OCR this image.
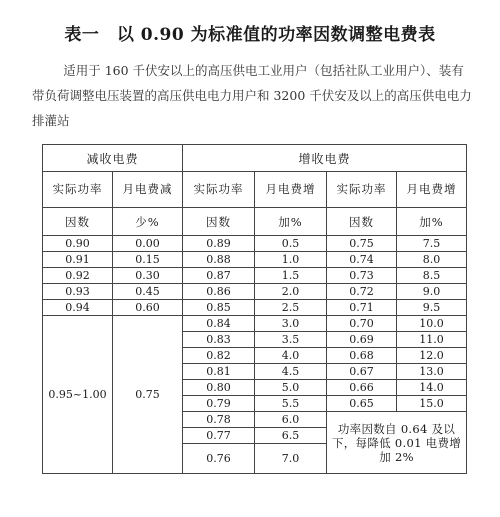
表一　以 0.90 为标准值的功率因数调整电费表
适用于 160 千伏安以上的高压供电工业用户（包括社队工业用户）、装有带负荷调整电压装置的高压供电电力用户和 3200 千伏安及以上的高压供电电力排灌站
减收电费		增收电费			
实际功率	月电费减	实际功率	月电费增	实际功率	月电费增
因数	少%	因数	加%	因数	加%
0.90	0.00	0.89	0.5	0.75	7.5
0.91	0.15	0.88	1.0	0.74	8.0
0.92	0.30	0.87	1.5	0.73	8.5
0.93	0.45	0.86	2.0	0.72	9.0
0.94	0.60	0.85	2.5	0.71	9.5
0.95~1.00	0.75	0.84	3.0	0.70	10.0
		0.83	3.5	0.69	11.0
		0.82	4.0	0.68	12.0
		0.81	4.5	0.67	13.0
		0.80	5.0	0.66	14.0
		0.79	5.5	0.65	15.0
		0.78	6.0	功率因数自 0.64 及以下，每降低 0.01 电费增加 2%	
		0.77	6.5		
		0.76	7.0		
